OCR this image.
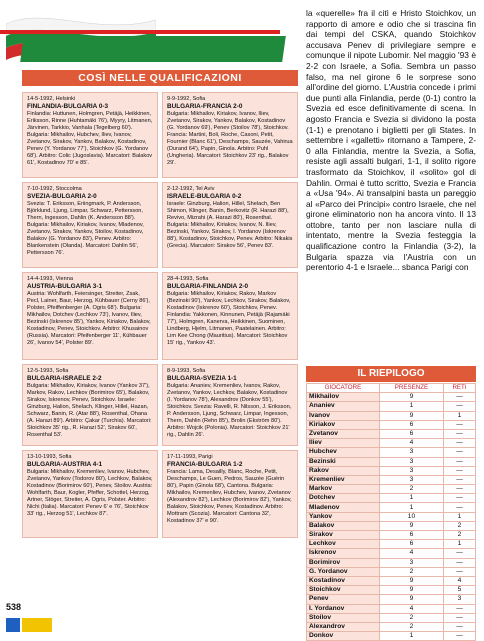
COSÌ NELLE QUALIFICAZIONI
14-5-1992, Helsinki
FINLANDIA-BULGARIA 0-3
Finlandia: Huttunen, Holmgren, Petäjä, Heikkinen, Eriksson, Rinne (Huhtamäki 76'), Myyry, Litmanen, Järvinen, Tarkkio, Vanhala (Tegelberg 60'). Bulgaria: Mikhailov, Hubchev, Iliev, Ivanov, Zvetanov, Sirakov, Yankov, Balakov, Kostadinov, Penev (Y. Yordanov 77'), Stoichkov (G. Yordanov 68'). Arbitro: Colic (Jugoslavia). Marcatori: Balakov 61', Kostadinov 70' e 85'.
9-9-1992, Sofia
BULGARIA-FRANCIA 2-0
Bulgaria: Mikhailov, Kiriakov, Ivanov, Iliev, Zvetanov, Sirakov, Yankov, Balakov, Kostadinov (G. Yordanov 69'), Penev (Stoilov 78'), Stoichkov. Francia: Martini, Boli, Roche, Casoni, Petit, Fournier (Blanc 61'), Deschamps, Sauzée, Vahirua (Durand 64'), Papin, Ginola. Arbitro: Puhl (Ungheria). Marcatori: Stoichkov 23' rig., Balakov 29'.
7-10-1992, Stoccolma
SVEZIA-BULGARIA 2-0
Svezia: T. Eriksson, Eriingmark, P. Andersson, Björklund, Ljung, Limpar, Schwarz, Pettersson, Thern, Ingesson, Dahlin (K. Andersson 88'). Bulgaria: Mikhailov, Kiriakov, Ivanov, Mladenov, Zvetanov, Sirakov, Yankov, Stoilov, Kostadinov, Balakov (G. Yordanov 83'), Penev. Arbitro: Blankenstein (Olanda). Marcatori: Dahlin 56', Pettersson 76'.
2-12-1992, Tel Aviv
ISRAELE-BULGARIA 0-2
Israele: Ginzburg, Halion, Hillel, Shelach, Ben Shimon, Klinger, Banin, Berkovitz (R. Harazi 88'), Revivo, Mizrahi (A. Harazi 80'), Rosenthal. Bulgaria: Mikhailov, Kiriakov, Ivanov, N. Iliev, Bezinski, Yankov, Sirakov, I. Yordanov (Iskrenov 88'), Kostadinov, Stoichkov, Penev. Arbitro: Nikakis (Grecia). Marcatori: Sirakov 56', Penev 83'.
14-4-1993, Vienna
AUSTRIA-BULGARIA 3-1
Austria: Wohlfarth, Feiersinger, Streiter, Zsak, Pecl, Lainer, Baur, Herzog, Kühbauer (Cerny 86'), Polster, Pfeiffenberger (A. Ogris 68'). Bulgaria: Mikhailov, Dotchev (Lechkov 73'), Ivanov, Iliev, Bezinski (Iskrenov 85'), Yankov, Kiriakov, Balakov, Kostadinov, Penev, Stoichkov. Arbitro: Khusainov (Russia). Marcatori: Pfeifenberger 11', Kühbauer 26', Ivanov 54', Polster 89'.
28-4-1993, Sofia
BULGARIA-FINLANDIA 2-0
Bulgaria: Mikhailov, Kiriakov, Rakov, Markov (Bezinski 90'), Yankov, Lechkov, Sirakov, Balakov, Kostadinov (Iskrenov 60'), Stoichkov, Penev. Finlandia: Yakkonen, Kinnunen, Petäjä (Rajamäki 77'), Holmgren, Kanerva, Heikkinen, Suominen, Lindberg, Hjelm, Litmanen, Paatelainen. Arbitro: Lim Kee Chong (Mauritius). Marcatori: Stoichkov 15' rig., Yankov 43'.
12-5-1993, Sofia
BULGARIA-ISRAELE 2-2
Bulgaria: Mikhailov, Kiriakov, Ivanov (Yankov 37'), Markov, Rakov, Lechkov (Borimirov 65'), Balakov, Sirakov, Iskrenov, Penev, Stoichkov. Israele: Ginzburg, Halion, Shelach, Klinger, Hillel, Hazan, Schwarz, Banin, R. (Atar 88'), Rosenthal, Ohana (A. Harazi 89'). Arbitro: Çakar (Turchia). Marcatori: Stoichkov 35' rig., R. Harazi 52', Sirakov 60', Rosenthal 53'.
8-9-1993, Sofia
BULGARIA-SVEZIA 1-1
Bulgaria: Ananiev, Kremenliev, Ivanov, Rakov, Zvetanov, Yankov, Lechkov, Balakov, Kostadinov (I. Yordanov 78'), Alexandrov (Donkov 55'), Stoichkov. Svezia: Ravelli, R. Nilsson, J. Eriksson, P. Andersson, Ljung, Schwarz, Limpar, Ingesson, Thern, Dahlin (Rehn 85'), Brolin (Ekström 80'). Arbitro: Wojcik (Polonia). Marcatori: Stoichkov 21' rig., Dahlin 26'.
13-10-1993, Sofia
BULGARIA-AUSTRIA 4-1
Bulgaria: Mikhailov, Kremenliev, Ivanov, Hubchev, Zvetanov, Yankov (Todorov 80'), Lechkov, Balakov, Kostadinov (Borimirov 60'), Penev, Stoilov. Austria: Wohlfarth, Baur, Kogler, Pfeffer, Schottel, Herzog, Artner, Stöger, Streiter, A. Ogris, Polster. Arbitro: Nichi (Italia). Marcatori: Penev 6' e 76', Stoichkov 33' rig., Herzog 51', Lechkov 87'.
17-11-1993, Parigi
FRANCIA-BULGARIA 1-2
Francia: Lama, Desailly, Blanc, Roche, Petit, Deschamps, Le Guen, Pedros, Sauzée (Guérin 80'), Papin (Ginola 68'), Cantona. Bulgaria: Mikhailov, Kremenliev, Hubchev, Ivanov, Zvetanov (Alexandrov 82'), Lechkov (Borimirov 82'), Yankov, Balakov, Stoichkov, Penev, Kostadinov. Arbitro: Mottram (Scozia). Marcatori: Cantona 32', Kostadinov 37' e 90'.
la «querelle» fra il citì e Hristo Stoichkov, un rapporto di amore e odio che si trascina fin dai tempi del CSKA, quando Stoichkov accusava Penev di privilegiare sempre e comunque il nipote Lubomir. Nel maggio '93 è 2-2 con Israele, a Sofia. Sembra un passo falso, ma nel girone 6 le sorprese sono all'ordine del giorno. L'Austria concede i primi due punti alla Finlandia, perde (0-1) contro la Svezia ed esce definitivamente di scena. In agosto Francia e Svezia si dividono la posta (1-1) e prenotano i biglietti per gli States. In settembre i «galletti» ritornano a Tampere, 2-0 alla Finlandia, mentre la Svezia, a Sofia, resiste agli assalti bulgari, 1-1, il solito rigore trasformato da Stoichkov, il «solito» gol di Dahlin. Ormai è tutto scritto, Svezia e Francia a «Usa '94». Ai transalpini basta un pareggio al «Parco dei Principi» contro Israele, che nel girone eliminatorio non ha ancora vinto. Il 13 ottobre, tanto per non lasciare nulla di intentato, mentre la Svezia festeggia la qualificazione contro la Finlandia (3-2), la Bulgaria spazza via l'Austria con un perentorio 4-1 e Israele... sbanca Parigi con
IL RIEPILOGO
GIOCATORE	PRESENZE	RETI
Mikhailov	9	—
Ananiev	1	—
Ivanov	9	1
Kiriakov	6	—
Zvetanov	6	—
Iliev	4	—
Hubchev	3	—
Bezinski	3	—
Rakov	3	—
Kremenliev	3	—
Markov	2	—
Dotchev	1	—
Mladenov	1	—
Yankov	10	1
Balakov	9	2
Sirakov	6	2
Lechkov	6	1
Iskrenov	4	—
Borimirov	3	—
G. Yordanov	2	—
Kostadinov	9	4
Stoichkov	9	5
Penev	9	3
I. Yordanov	4	—
Stoilov	2	—
Alexandrov	2	—
Donkov	1	—
538
